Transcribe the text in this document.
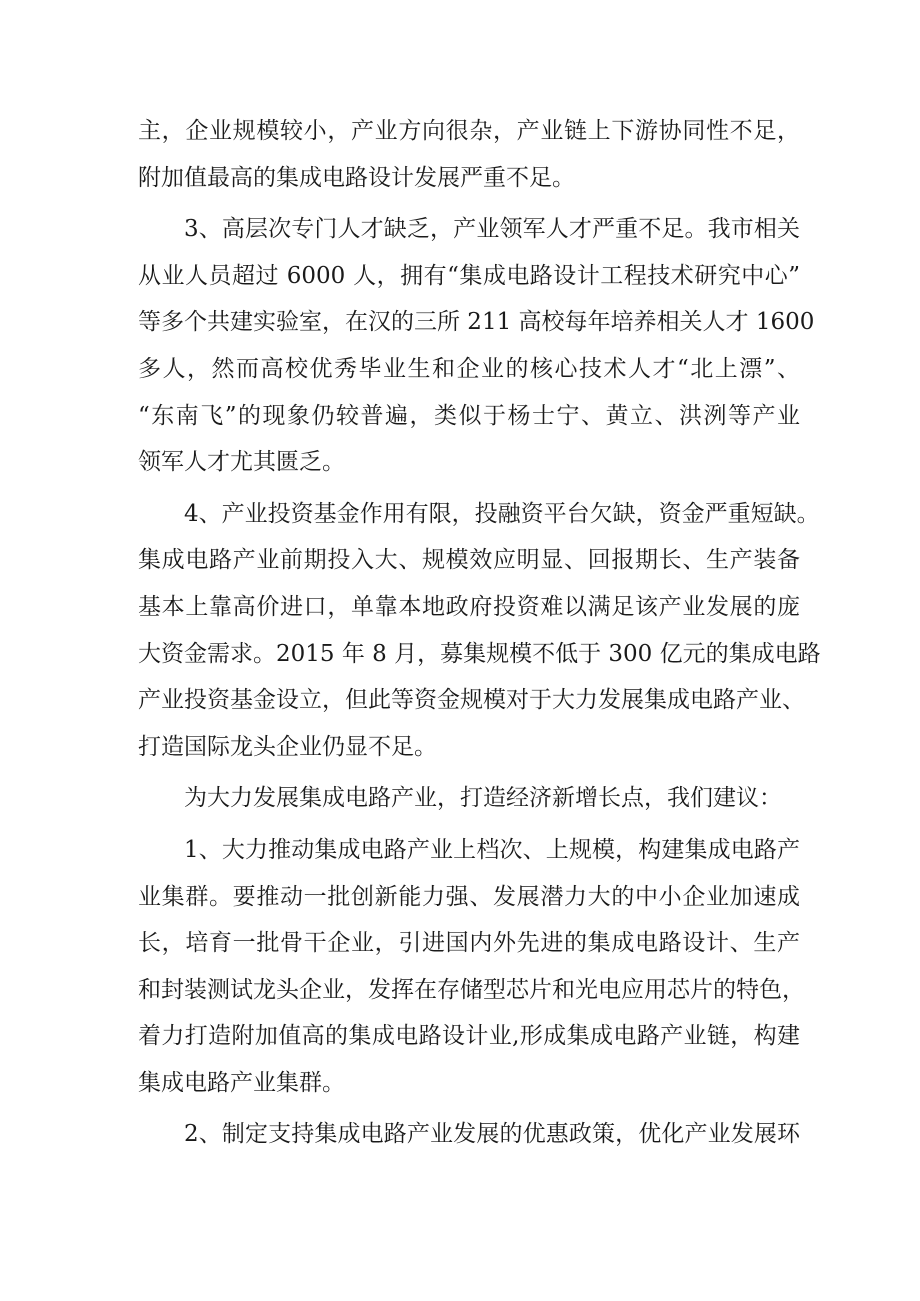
主，企业规模较小，产业方向很杂，产业链上下游协同性不足，
附加值最高的集成电路设计发展严重不足。
3、高层次专门人才缺乏，产业领军人才严重不足。我市相关
从业人员超过 6000 人，拥有“集成电路设计工程技术研究中心”
等多个共建实验室，在汉的三所 211 高校每年培养相关人才 1600
多人，然而高校优秀毕业生和企业的核心技术人才“北上漂”、
“东南飞”的现象仍较普遍，类似于杨士宁、黄立、洪洌等产业
领军人才尤其匮乏。
4、产业投资基金作用有限，投融资平台欠缺，资金严重短缺。
集成电路产业前期投入大、规模效应明显、回报期长、生产装备
基本上靠高价进口，单靠本地政府投资难以满足该产业发展的庞
大资金需求。2015 年 8 月，募集规模不低于 300 亿元的集成电路
产业投资基金设立，但此等资金规模对于大力发展集成电路产业、
打造国际龙头企业仍显不足。
为大力发展集成电路产业，打造经济新增长点，我们建议：
1、大力推动集成电路产业上档次、上规模，构建集成电路产
业集群。要推动一批创新能力强、发展潜力大的中小企业加速成
长，培育一批骨干企业，引进国内外先进的集成电路设计、生产
和封装测试龙头企业，发挥在存储型芯片和光电应用芯片的特色，
着力打造附加值高的集成电路设计业,形成集成电路产业链，构建
集成电路产业集群。
2、制定支持集成电路产业发展的优惠政策，优化产业发展环
